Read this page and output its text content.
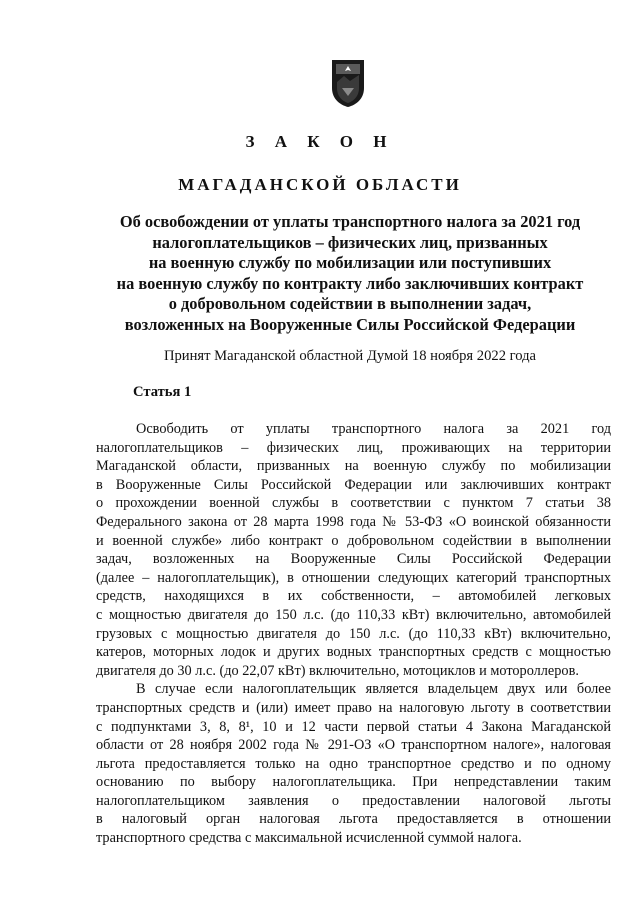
З А К О Н
МАГАДАНСКОЙ ОБЛАСТИ
Об освобождении от уплаты транспортного налога за 2021 год
налогоплательщиков – физических лиц, призванных
на военную службу по мобилизации или поступивших
на военную службу по контракту либо заключивших контракт
о добровольном содействии в выполнении задач,
возложенных на Вооруженные Силы Российской Федерации
Принят Магаданской областной Думой 18 ноября 2022 года
Статья 1
Освободить от уплаты транспортного налога за 2021 год
налогоплательщиков – физических лиц, проживающих на территории
Магаданской области, призванных на военную службу по мобилизации
в Вооруженные Силы Российской Федерации или заключивших контракт
о прохождении военной службы в соответствии с пунктом 7 статьи 38
Федерального закона от 28 марта 1998 года № 53-ФЗ «О воинской обязанности
и военной службе» либо контракт о добровольном содействии в выполнении
задач, возложенных на Вооруженные Силы Российской Федерации
(далее – налогоплательщик), в отношении следующих категорий транспортных
средств, находящихся в их собственности, – автомобилей легковых
с мощностью двигателя до 150 л.с. (до 110,33 кВт) включительно, автомобилей
грузовых с мощностью двигателя до 150 л.с. (до 110,33 кВт) включительно,
катеров, моторных лодок и других водных транспортных средств с мощностью
двигателя до 30 л.с. (до 22,07 кВт) включительно, мотоциклов и мотороллеров.
В случае если налогоплательщик является владельцем двух или более
транспортных средств и (или) имеет право на налоговую льготу в соответствии
с подпунктами 3, 8, 8¹, 10 и 12 части первой статьи 4 Закона Магаданской
области от 28 ноября 2002 года № 291-ОЗ «О транспортном налоге», налоговая
льгота предоставляется только на одно транспортное средство и по одному
основанию по выбору налогоплательщика. При непредставлении таким
налогоплательщиком заявления о предоставлении налоговой льготы
в налоговый орган налоговая льгота предоставляется в отношении
транспортного средства с максимальной исчисленной суммой налога.
